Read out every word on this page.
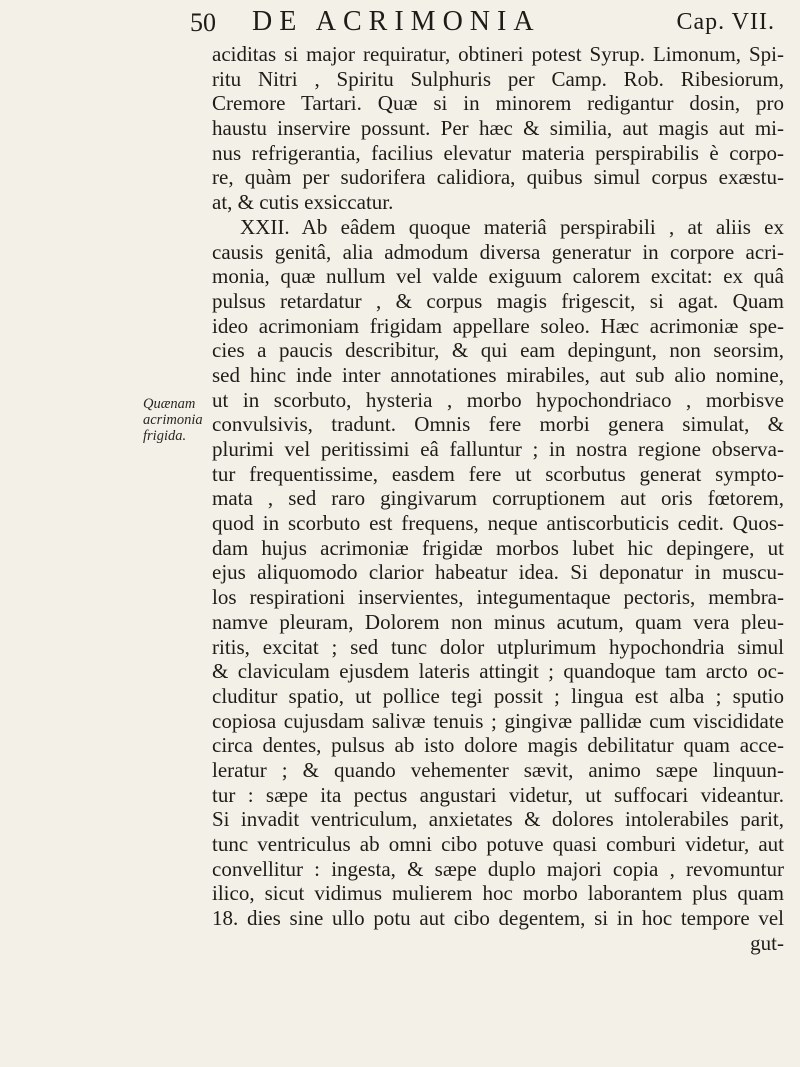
50 DE ACRIMONIA	Cap. VII.
Quænam
acrimonia
frigida.
aciditas si major requiratur, obtineri potest Syrup. Limonum, Spi-
ritu Nitri , Spiritu Sulphuris per Camp. Rob. Ribesiorum,
Cremore Tartari. Quæ si in minorem redigantur dosin, pro
haustu inservire possunt. Per hæc & similia, aut magis aut mi-
nus refrigerantia, facilius elevatur materia perspirabilis è corpo-
re, quàm per sudorifera calidiora, quibus simul corpus exæstu-
at, & cutis exsiccatur.
XXII. Ab eâdem quoque materiâ perspirabili , at aliis ex
causis genitâ, alia admodum diversa generatur in corpore acri-
monia, quæ nullum vel valde exiguum calorem excitat: ex quâ
pulsus retardatur , & corpus magis frigescit, si agat. Quam
ideo acrimoniam frigidam appellare soleo. Hæc acrimoniæ spe-
cies a paucis describitur, & qui eam depingunt, non seorsim,
sed hinc inde inter annotationes mirabiles, aut sub alio nomine,
ut in scorbuto, hysteria , morbo hypochondriaco , morbisve
convulsivis, tradunt. Omnis fere morbi genera simulat, &
plurimi vel peritissimi eâ falluntur ; in nostra regione observa-
tur frequentissime, easdem fere ut scorbutus generat sympto-
mata , sed raro gingivarum corruptionem aut oris fœtorem,
quod in scorbuto est frequens, neque antiscorbuticis cedit. Quos-
dam hujus acrimoniæ frigidæ morbos lubet hic depingere, ut
ejus aliquomodo clarior habeatur idea. Si deponatur in muscu-
los respirationi inservientes, integumentaque pectoris, membra-
namve pleuram, Dolorem non minus acutum, quam vera pleu-
ritis, excitat ; sed tunc dolor utplurimum hypochondria simul
& claviculam ejusdem lateris attingit ; quandoque tam arcto oc-
cluditur spatio, ut pollice tegi possit ; lingua est alba ; sputio
copiosa cujusdam salivæ tenuis ; gingivæ pallidæ cum viscididate
circa dentes, pulsus ab isto dolore magis debilitatur quam acce-
leratur ; & quando vehementer sævit, animo sæpe linquun-
tur : sæpe ita pectus angustari videtur, ut suffocari videantur.
Si invadit ventriculum, anxietates & dolores intolerabiles parit,
tunc ventriculus ab omni cibo potuve quasi comburi videtur, aut
convellitur : ingesta, & sæpe duplo majori copia , revomuntur
ilico, sicut vidimus mulierem hoc morbo laborantem plus quam
18. dies sine ullo potu aut cibo degentem, si in hoc tempore vel
gut-
